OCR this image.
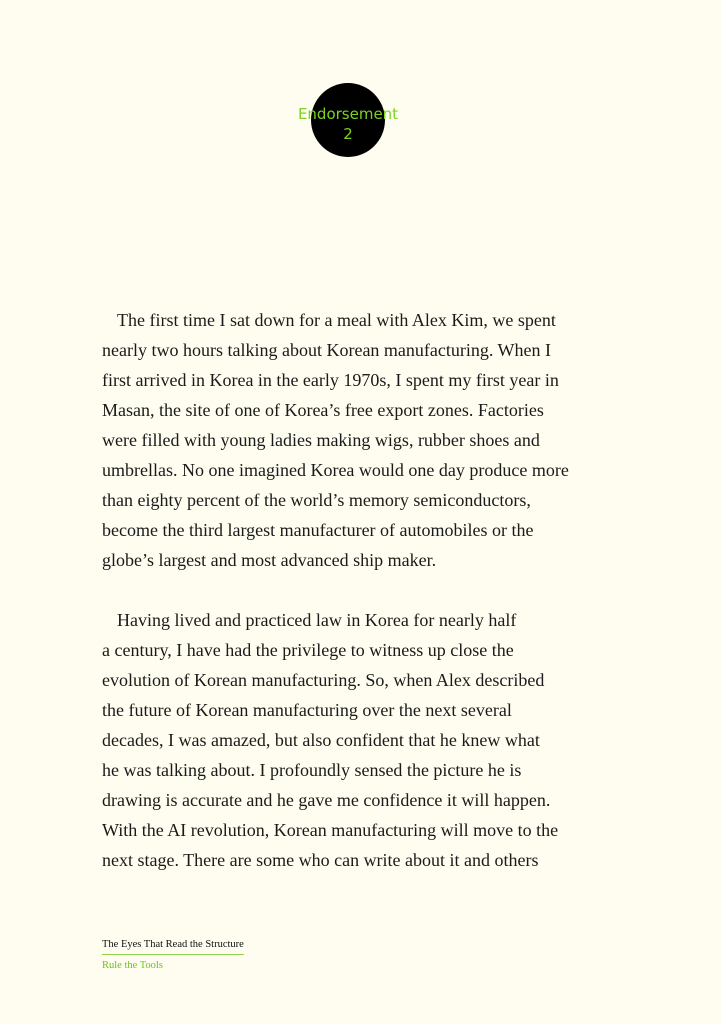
Endorsement
2

The first time I sat down for a meal with Alex Kim, we spent
nearly two hours talking about Korean manufacturing. When I
first arrived in Korea in the early 1970s, I spent my first year in
Masan, the site of one of Korea’s free export zones. Factories
were filled with young ladies making wigs, rubber shoes and
umbrellas. No one imagined Korea would one day produce more
than eighty percent of the world’s memory semiconductors,
become the third largest manufacturer of automobiles or the
globe’s largest and most advanced ship maker.

Having lived and practiced law in Korea for nearly half
a century, I have had the privilege to witness up close the
evolution of Korean manufacturing. So, when Alex described
the future of Korean manufacturing over the next several
decades, I was amazed, but also confident that he knew what
he was talking about. I profoundly sensed the picture he is
drawing is accurate and he gave me confidence it will happen.
With the AI revolution, Korean manufacturing will move to the
next stage. There are some who can write about it and others

The Eyes That Read the Structure
Rule the Tools
